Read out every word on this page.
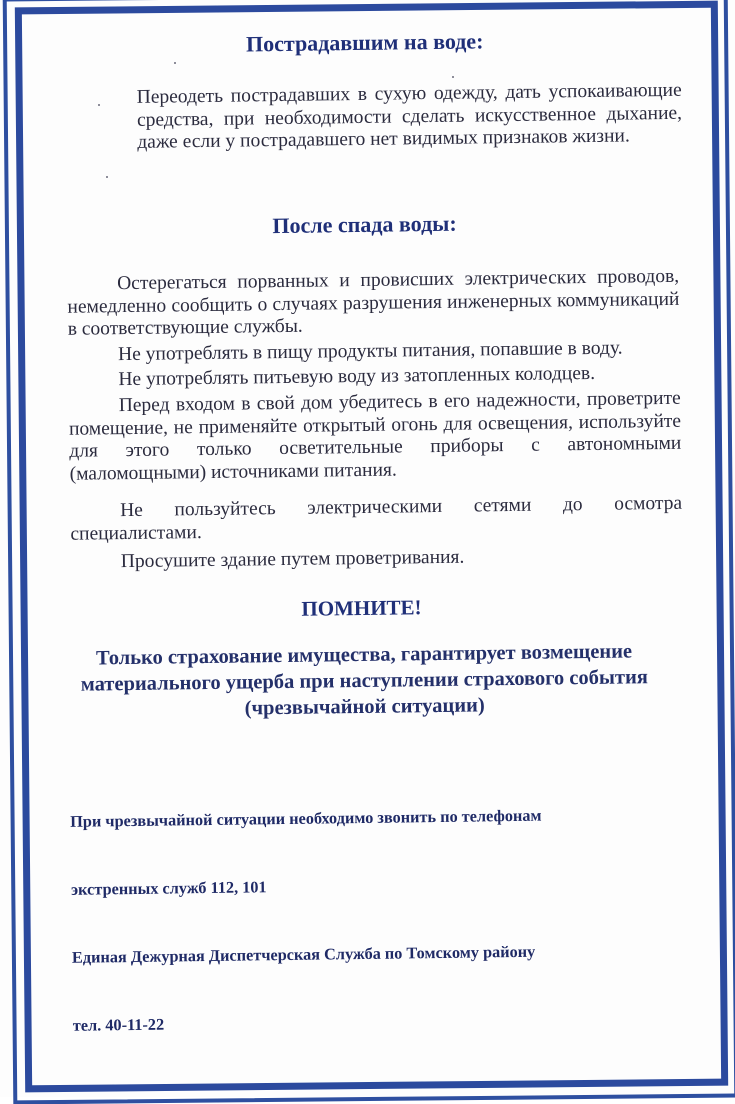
Пострадавшим на воде:

Переодеть пострадавших в сухую одежду, дать успокаивающие средства, при необходимости сделать искусственное дыхание, даже если у пострадавшего нет видимых признаков жизни.

После спада воды:

Остерегаться порванных и провисших электрических проводов, немедленно сообщить о случаях разрушения инженерных коммуникаций в соответствующие службы.

Не употреблять в пищу продукты питания, попавшие в воду.

Не употреблять питьевую воду из затопленных колодцев.

Перед входом в свой дом убедитесь в его надежности, проветрите помещение, не применяйте открытый огонь для освещения, используйте для этого только осветительные приборы с автономными (маломощными) источниками питания.

Не пользуйтесь электрическими сетями до осмотра специалистами.

Просушите здание путем проветривания.

ПОМНИТЕ!

Только страхование имущества, гарантирует возмещение материального ущерба при наступлении страхового события (чрезвычайной ситуации)

При чрезвычайной ситуации необходимо звонить по телефонам

экстренных служб 112, 101

Единая Дежурная Диспетчерская Служба по Томскому району

тел. 40-11-22
